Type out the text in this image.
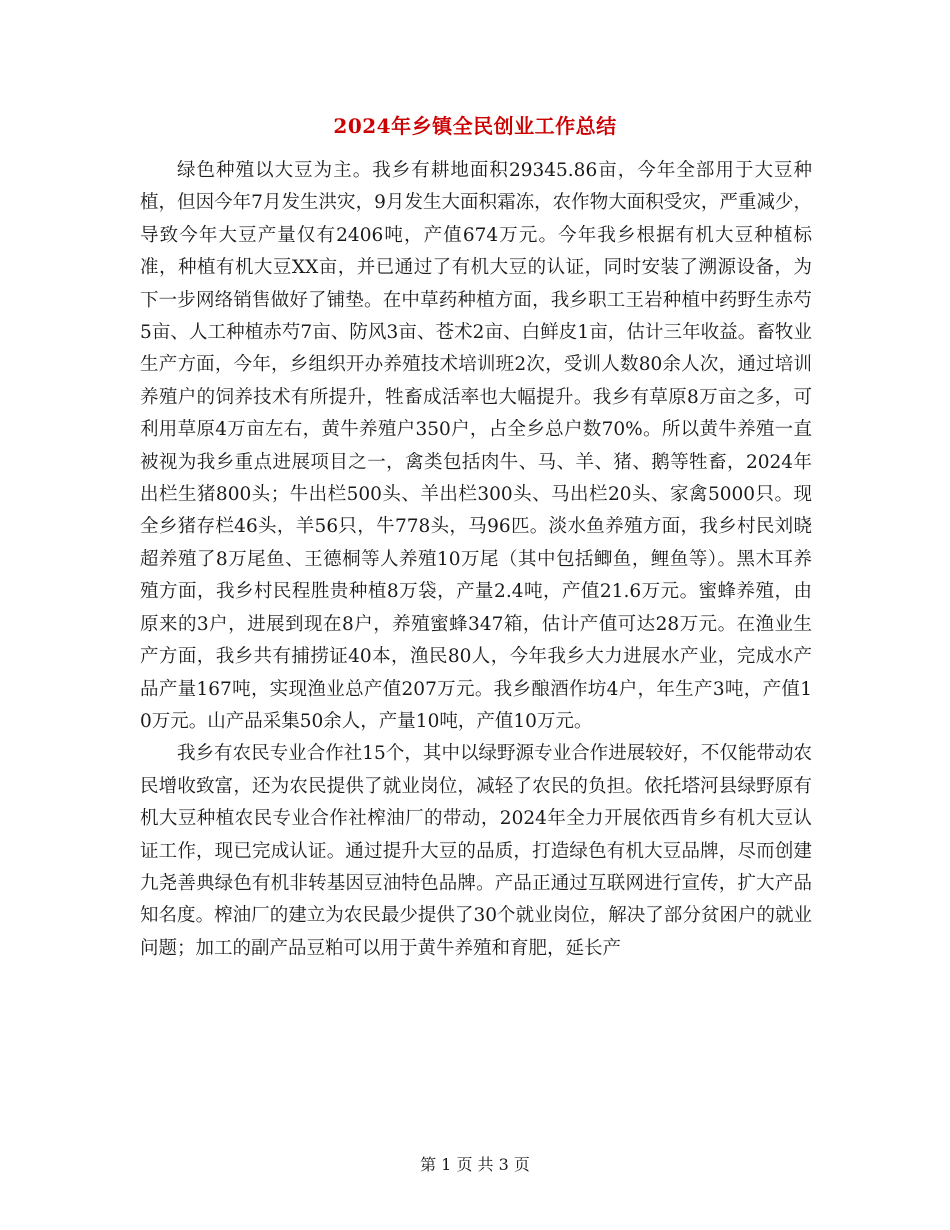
2024年乡镇全民创业工作总结

绿色种殖以大豆为主。我乡有耕地面积29345.86亩，今年全部用于大豆种植，但因今年7月发生洪灾，9月发生大面积霜冻，农作物大面积受灾，严重减少，导致今年大豆产量仅有2406吨，产值674万元。今年我乡根据有机大豆种植标准，种植有机大豆XX亩，并已通过了有机大豆的认证，同时安装了溯源设备，为下一步网络销售做好了铺垫。在中草药种植方面，我乡职工王岩种植中药野生赤芍5亩、人工种植赤芍7亩、防风3亩、苍术2亩、白鲜皮1亩，估计三年收益。畜牧业生产方面，今年，乡组织开办养殖技术培训班2次，受训人数80余人次，通过培训养殖户的饲养技术有所提升，牲畜成活率也大幅提升。我乡有草原8万亩之多，可利用草原4万亩左右，黄牛养殖户350户，占全乡总户数70%。所以黄牛养殖一直被视为我乡重点进展项目之一，禽类包括肉牛、马、羊、猪、鹅等牲畜，2024年出栏生猪800头；牛出栏500头、羊出栏300头、马出栏20头、家禽5000只。现全乡猪存栏46头，羊56只，牛778头，马96匹。淡水鱼养殖方面，我乡村民刘晓超养殖了8万尾鱼、王德桐等人养殖10万尾（其中包括鲫鱼，鲤鱼等）。黑木耳养殖方面，我乡村民程胜贵种植8万袋，产量2.4吨，产值21.6万元。蜜蜂养殖，由原来的3户，进展到现在8户，养殖蜜蜂347箱，估计产值可达28万元。在渔业生产方面，我乡共有捕捞证40本，渔民80人，今年我乡大力进展水产业，完成水产品产量167吨，实现渔业总产值207万元。我乡酿酒作坊4户，年生产3吨，产值10万元。山产品采集50余人，产量10吨，产值10万元。

我乡有农民专业合作社15个，其中以绿野源专业合作进展较好，不仅能带动农民增收致富，还为农民提供了就业岗位，减轻了农民的负担。依托塔河县绿野原有机大豆种植农民专业合作社榨油厂的带动，2024年全力开展依西肯乡有机大豆认证工作，现已完成认证。通过提升大豆的品质，打造绿色有机大豆品牌，尽而创建九尧善典绿色有机非转基因豆油特色品牌。产品正通过互联网进行宣传，扩大产品知名度。榨油厂的建立为农民最少提供了30个就业岗位，解决了部分贫困户的就业问题；加工的副产品豆粕可以用于黄牛养殖和育肥，延长产

第 1 页 共 3 页
